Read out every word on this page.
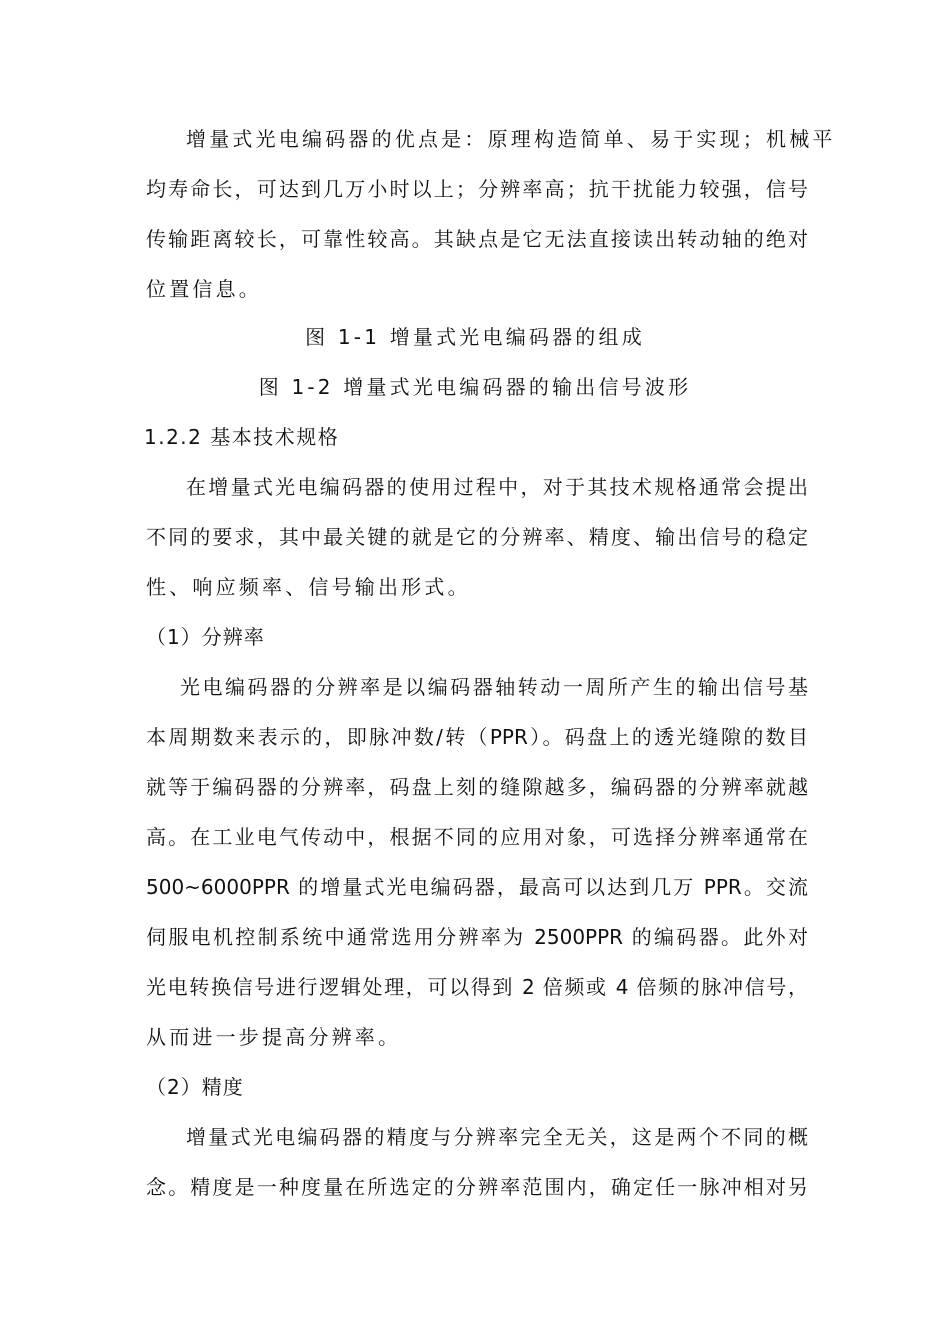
增量式光电编码器的优点是：原理构造简单、易于实现；机械平
均寿命长，可达到几万小时以上；分辨率高；抗干扰能力较强，信号
传输距离较长，可靠性较高。其缺点是它无法直接读出转动轴的绝对
位置信息。
图 1-1 增量式光电编码器的组成
图 1-2 增量式光电编码器的输出信号波形
1.2.2 基本技术规格
在增量式光电编码器的使用过程中，对于其技术规格通常会提出
不同的要求，其中最关键的就是它的分辨率、精度、输出信号的稳定
性、响应频率、信号输出形式。
（1）分辨率
光电编码器的分辨率是以编码器轴转动一周所产生的输出信号基
本周期数来表示的，即脉冲数/转（PPR）。码盘上的透光缝隙的数目
就等于编码器的分辨率，码盘上刻的缝隙越多，编码器的分辨率就越
高。在工业电气传动中，根据不同的应用对象，可选择分辨率通常在
500~6000PPR 的增量式光电编码器，最高可以达到几万 PPR。交流
伺服电机控制系统中通常选用分辨率为 2500PPR 的编码器。此外对
光电转换信号进行逻辑处理，可以得到 2 倍频或 4 倍频的脉冲信号，
从而进一步提高分辨率。
（2）精度
增量式光电编码器的精度与分辨率完全无关，这是两个不同的概
念。精度是一种度量在所选定的分辨率范围内，确定任一脉冲相对另
